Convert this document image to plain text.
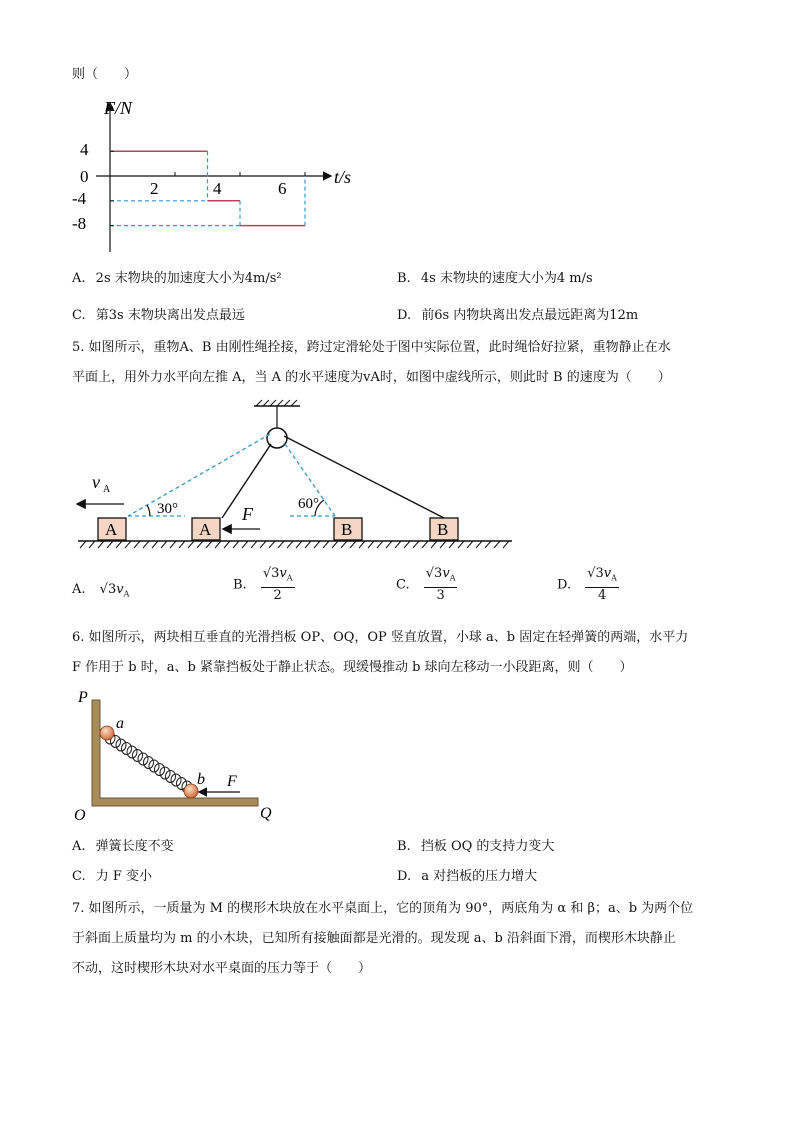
则（　　）
F/N
t/s
4
0
-4
-8
2	4	6
A. 2s 末物块的加速度大小为4m/s²	B. 4s 末物块的速度大小为4 m/s
C. 第3s 末物块离出发点最远	D. 前6s 内物块离出发点最远距离为12m
5. 如图所示，重物A、B 由刚性绳拴接，跨过定滑轮处于图中实际位置，此时绳恰好拉紧，重物静止在水
平面上，用外力水平向左推 A，当 A 的水平速度为vA时，如图中虚线所示，则此时 B 的速度为（　　）
30°	60°
A	A	B	B
v A
F
A. $√3v_A$
B. $\frac{√3v_A}{2}$	C. $\frac{√3v_A}{3}$	D. $\frac{√3v_A}{4}$
6. 如图所示，两块相互垂直的光滑挡板 OP、OQ，OP 竖直放置，小球 a、b 固定在轻弹簧的两端，水平力
F 作用于 b 时，a、b 紧靠挡板处于静止状态。现缓慢推动 b 球向左移动一小段距离，则（　　）
P
a
b F
O	Q
A. 弹簧长度不变	B. 挡板 OQ 的支持力变大
C. 力 F 变小	D. a 对挡板的压力增大
7. 如图所示，一质量为 M 的楔形木块放在水平桌面上，它的顶角为 90°，两底角为 α 和 β；a、b 为两个位
于斜面上质量均为 m 的小木块，已知所有接触面都是光滑的。现发现 a、b 沿斜面下滑，而楔形木块静止
不动，这时楔形木块对水平桌面的压力等于（　　）
